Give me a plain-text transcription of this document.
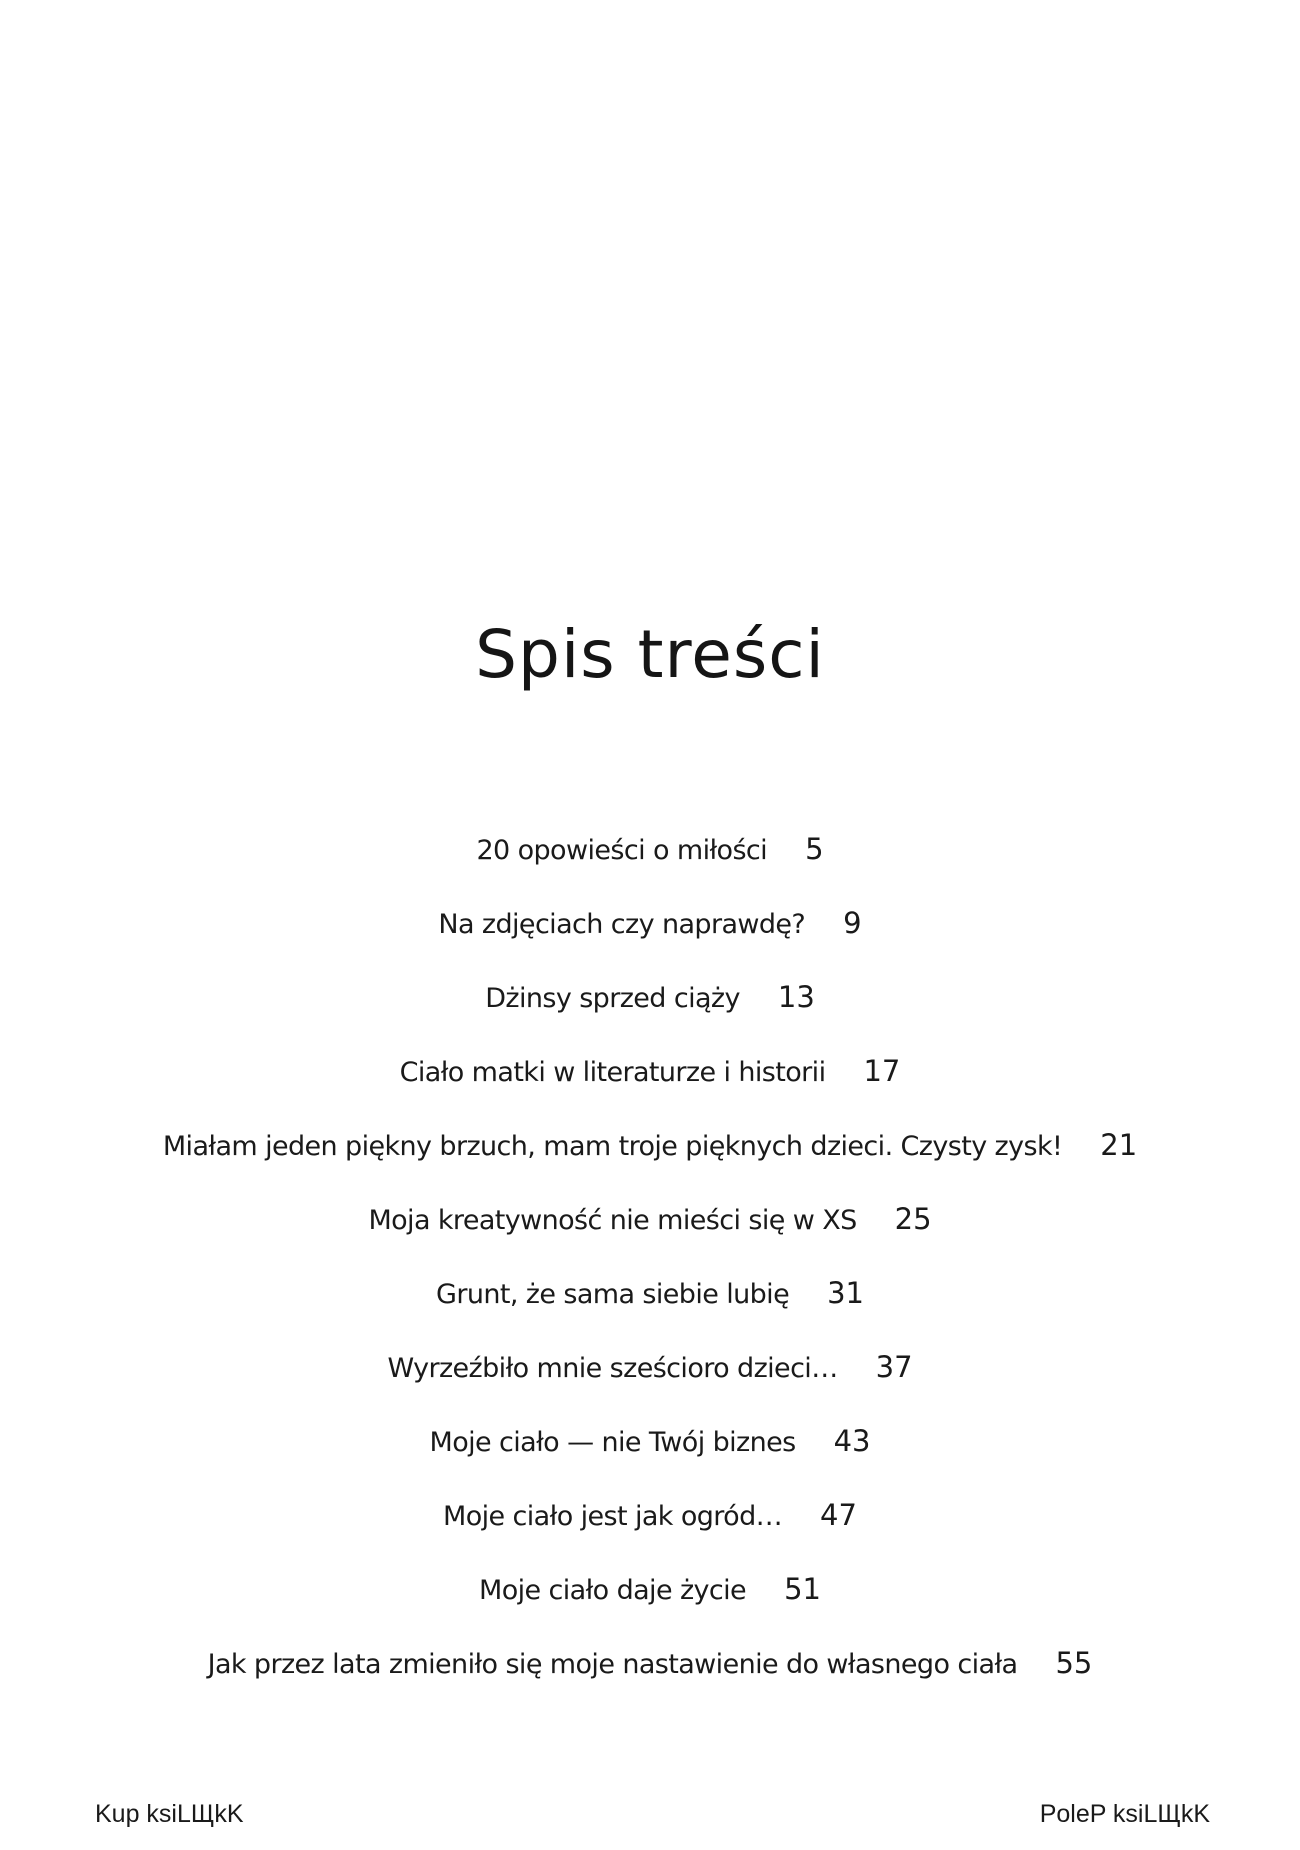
Spis treści
20 opowieści o miłości 5
Na zdjęciach czy naprawdę? 9
Dżinsy sprzed ciąży 13
Ciało matki w literaturze i historii 17
Miałam jeden piękny brzuch, mam troje pięknych dzieci. Czysty zysk! 21
Moja kreatywność nie mieści się w XS 25
Grunt, że sama siebie lubię 31
Wyrzeźbiło mnie sześcioro dzieci… 37
Moje ciało — nie Twój biznes 43
Moje ciało jest jak ogród… 47
Moje ciało daje życie 51
Jak przez lata zmieniło się moje nastawienie do własnego ciała 55
Kup ksiLЩkK	PoleP ksiLЩkK
